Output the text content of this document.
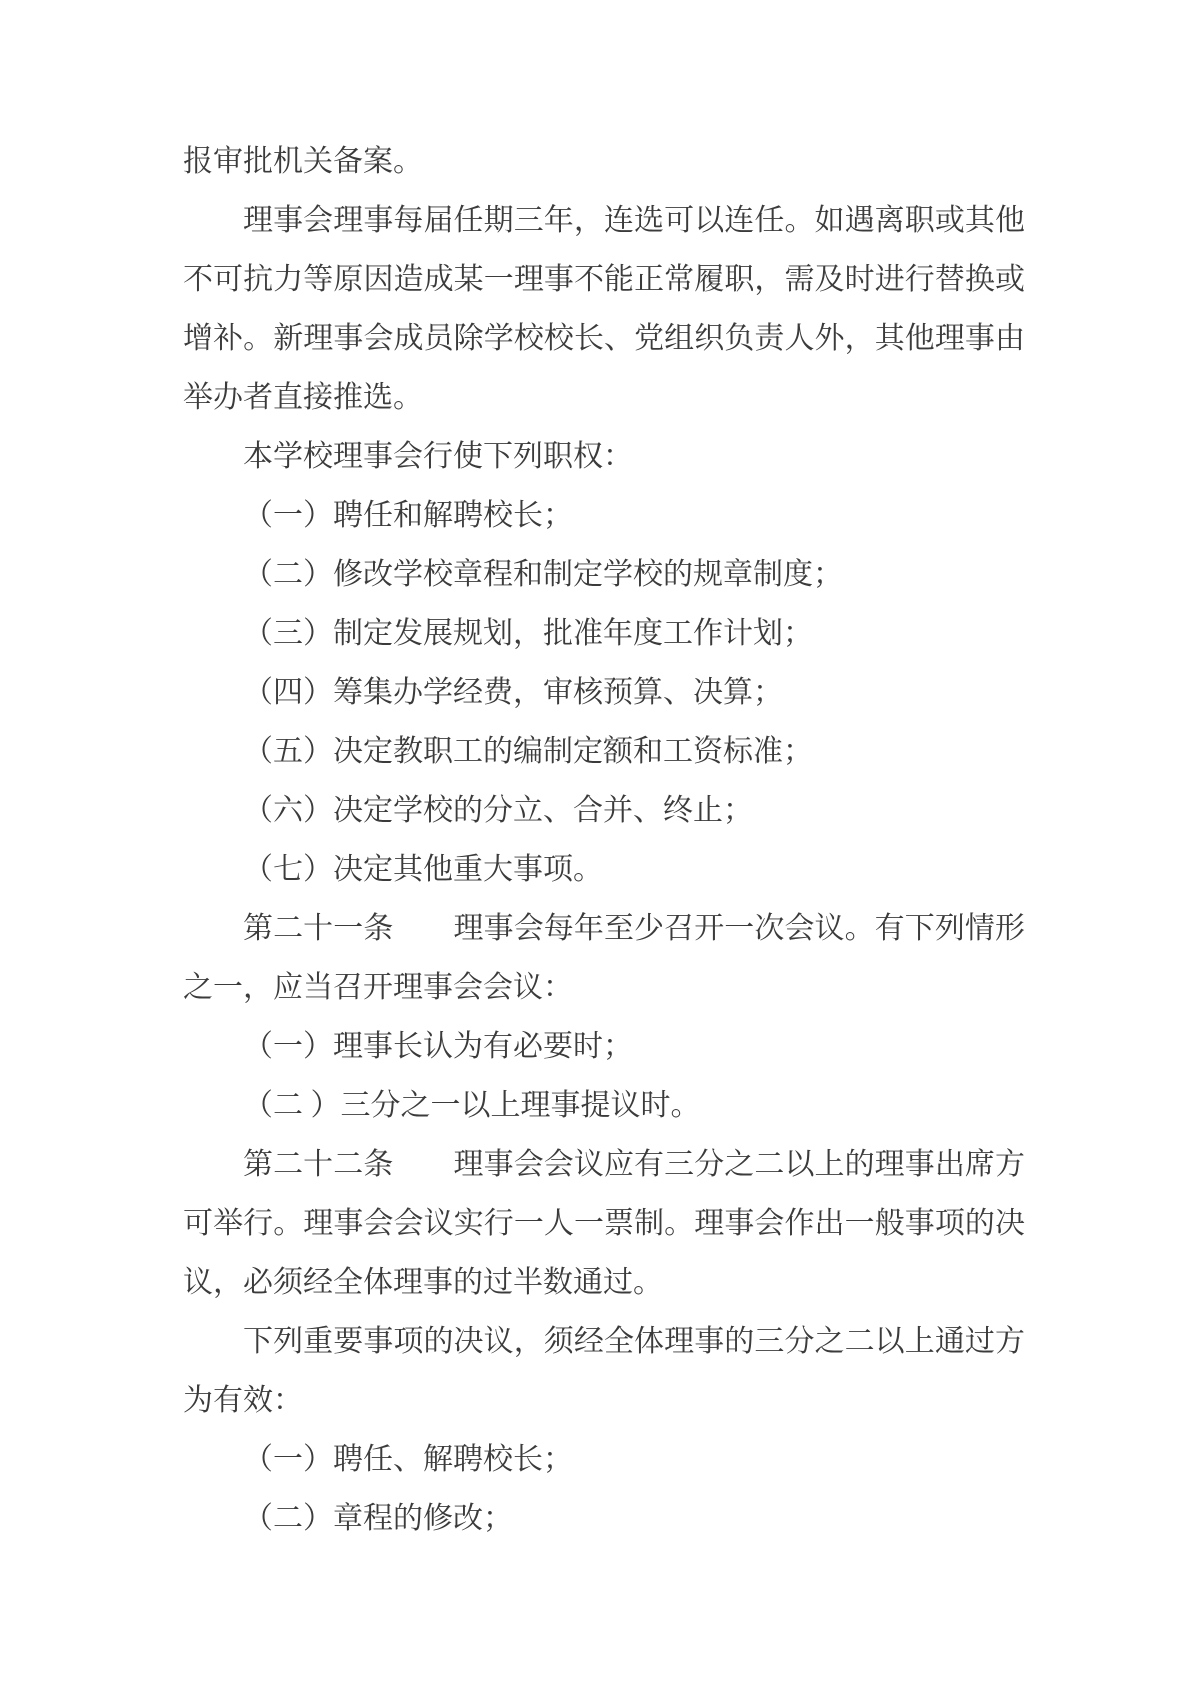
报审批机关备案。

理事会理事每届任期三年，连选可以连任。如遇离职或其他不可抗力等原因造成某一理事不能正常履职，需及时进行替换或增补。新理事会成员除学校校长、党组织负责人外，其他理事由举办者直接推选。

本学校理事会行使下列职权：

（一）聘任和解聘校长；

（二）修改学校章程和制定学校的规章制度；

（三）制定发展规划，批准年度工作计划；

（四）筹集办学经费，审核预算、决算；

（五）决定教职工的编制定额和工资标准；

（六）决定学校的分立、合并、终止；

（七）决定其他重大事项。

第二十一条　　理事会每年至少召开一次会议。有下列情形之一，应当召开理事会会议：

（一）理事长认为有必要时；

（二 ）三分之一以上理事提议时。

第二十二条　　理事会会议应有三分之二以上的理事出席方可举行。理事会会议实行一人一票制。理事会作出一般事项的决议，必须经全体理事的过半数通过。

下列重要事项的决议，须经全体理事的三分之二以上通过方为有效：

（一）聘任、解聘校长；

（二）章程的修改；
